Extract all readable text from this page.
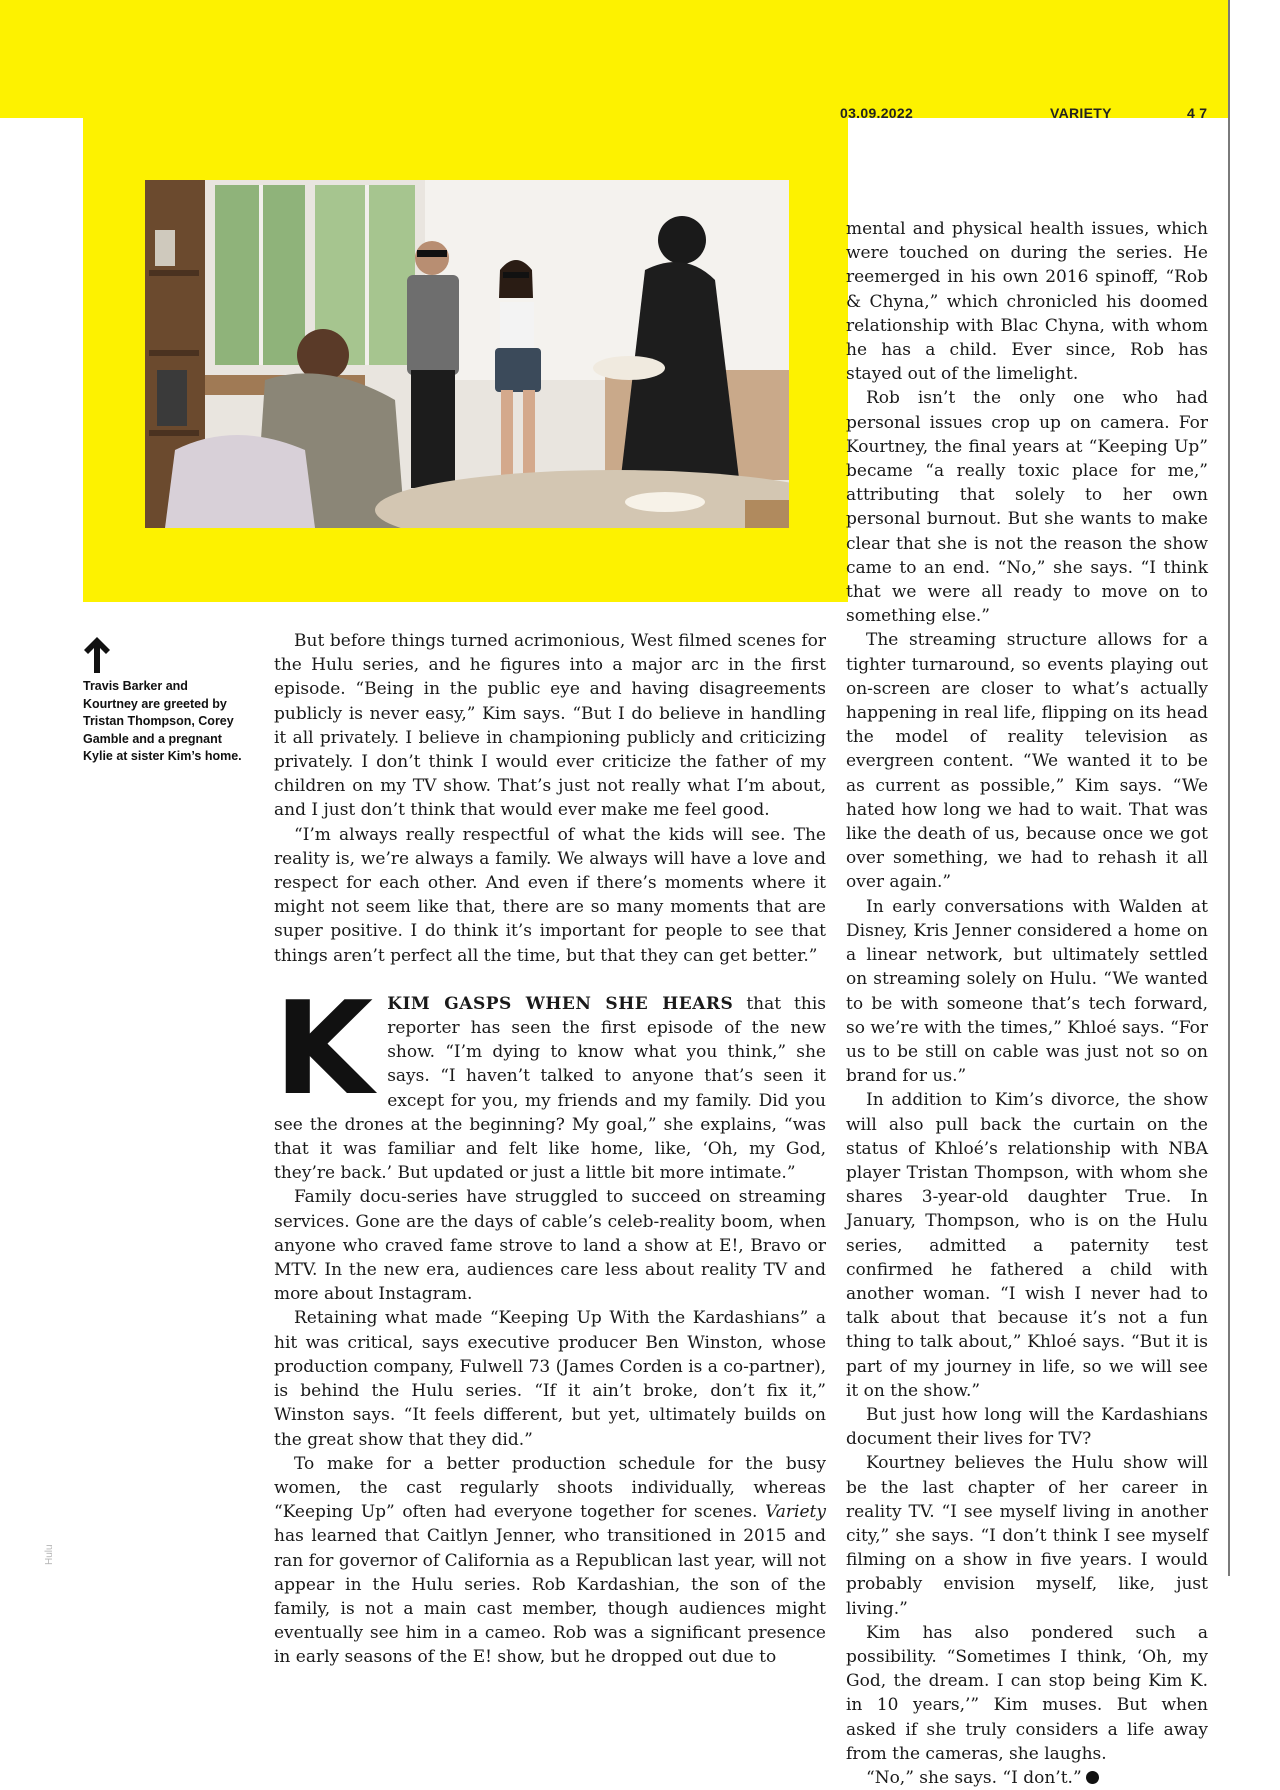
03.09.2022	VARIETY	4 7
Hulu
Travis Barker and Kourtney are greeted by Tristan Thompson, Corey Gamble and a pregnant Kylie at sister Kim’s home.

But before things turned acrimonious, West filmed scenes for the Hulu series, and he figures into a major arc in the first episode. “Being in the public eye and having disagreements publicly is never easy,” Kim says. “But I do believe in handling it all privately. I believe in championing publicly and criticizing privately. I don’t think I would ever criticize the father of my children on my TV show. That’s just not really what I’m about, and I just don’t think that would ever make me feel good.

“I’m always really respectful of what the kids will see. The reality is, we’re always a family. We always will have a love and respect for each other. And even if there’s moments where it might not seem like that, there are so many moments that are super positive. I do think it’s important for people to see that things aren’t perfect all the time, but that they can get better.”

KKIM GASPS WHEN SHE HEARS that this reporter has seen the first episode of the new show. “I’m dying to know what you think,” she says. “I haven’t talked to anyone that’s seen it except for you, my friends and my family. Did you see the drones at the beginning? My goal,” she explains, “was that it was familiar and felt like home, like, ‘Oh, my God, they’re back.’ But updated or just a little bit more intimate.”

Family docu-series have struggled to succeed on streaming services. Gone are the days of cable’s celeb-reality boom, when anyone who craved fame strove to land a show at E!, Bravo or MTV. In the new era, audiences care less about reality TV and more about Instagram.

Retaining what made “Keeping Up With the Kardashians” a hit was critical, says executive producer Ben Winston, whose production company, Fulwell 73 (James Corden is a co-partner), is behind the Hulu series. “If it ain’t broke, don’t fix it,” Winston says. “It feels different, but yet, ultimately builds on the great show that they did.”

To make for a better production schedule for the busy women, the cast regularly shoots individually, whereas “Keeping Up” often had everyone together for scenes. Variety has learned that Caitlyn Jenner, who transitioned in 2015 and ran for governor of California as a Republican last year, will not appear in the Hulu series. Rob Kardashian, the son of the family, is not a main cast member, though audiences might eventually see him in a cameo. Rob was a significant presence in early seasons of the E! show, but he dropped out due to

mental and physical health issues, which were touched on during the series. He reemerged in his own 2016 spinoff, “Rob & Chyna,” which chronicled his doomed relationship with Blac Chyna, with whom he has a child. Ever since, Rob has stayed out of the limelight.

Rob isn’t the only one who had personal issues crop up on camera. For Kourtney, the final years at “Keeping Up” became “a really toxic place for me,” attributing that solely to her own personal burnout. But she wants to make clear that she is not the reason the show came to an end. “No,” she says. “I think that we were all ready to move on to something else.”

The streaming structure allows for a tighter turnaround, so events playing out on-screen are closer to what’s actually happening in real life, flipping on its head the model of reality television as evergreen content. “We wanted it to be as current as possible,” Kim says. “We hated how long we had to wait. That was like the death of us, because once we got over something, we had to rehash it all over again.”

In early conversations with Walden at Disney, Kris Jenner considered a home on a linear network, but ultimately settled on streaming solely on Hulu. “We wanted to be with someone that’s tech forward, so we’re with the times,” Khloé says. “For us to be still on cable was just not so on brand for us.”

In addition to Kim’s divorce, the show will also pull back the curtain on the status of Khloé’s relationship with NBA player Tristan Thompson, with whom she shares 3-year-old daughter True. In January, Thompson, who is on the Hulu series, admitted a paternity test confirmed he fathered a child with another woman. “I wish I never had to talk about that because it’s not a fun thing to talk about,” Khloé says. “But it is part of my journey in life, so we will see it on the show.”

But just how long will the Kardashians document their lives for TV?

Kourtney believes the Hulu show will be the last chapter of her career in reality TV. “I see myself living in another city,” she says. “I don’t think I see myself filming on a show in five years. I would probably envision myself, like, just living.”

Kim has also pondered such a possibility. “Sometimes I think, ‘Oh, my God, the dream. I can stop being Kim K. in 10 years,’” Kim muses. But when asked if she truly considers a life away from the cameras, she laughs.

“No,” she says. “I don’t.”
